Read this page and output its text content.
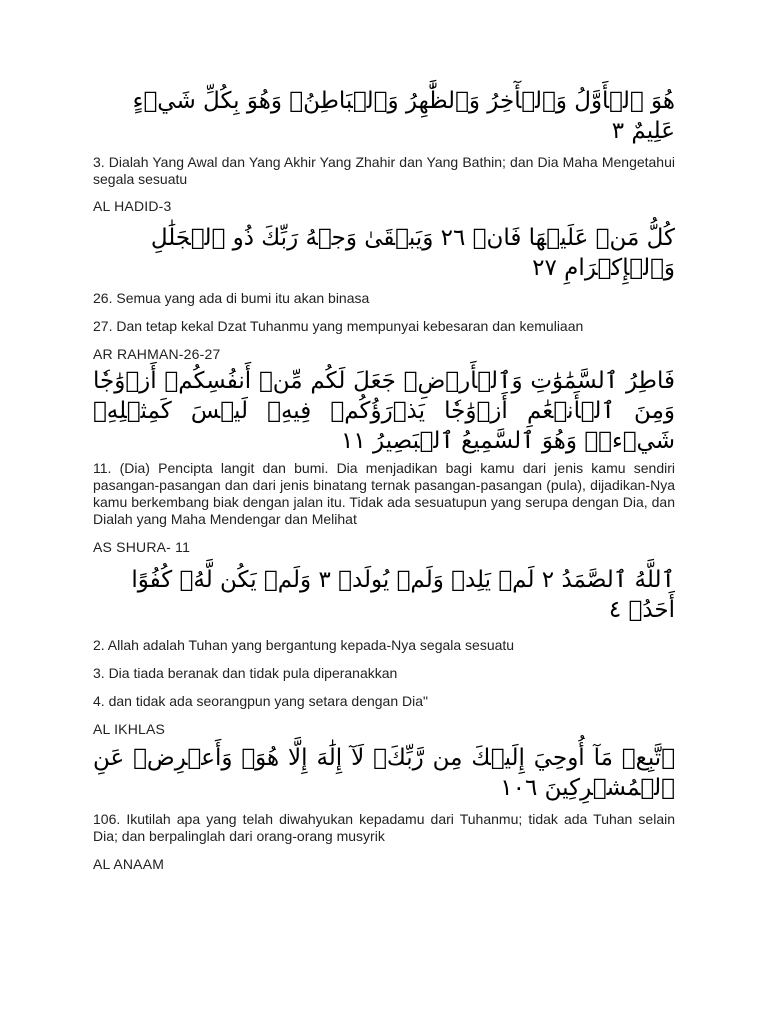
هُوَ ٱلۡأَوَّلُ وَٱلۡأٓخِرُ وَٱلظَّٰهِرُ وَٱلۡبَاطِنُۖ وَهُوَ بِكُلِّ شَيۡءٍ عَلِيمٌ ٣

3. Dialah Yang Awal dan Yang Akhir Yang Zhahir dan Yang Bathin; dan Dia Maha Mengetahui segala sesuatu

AL HADID-3

كُلُّ مَنۡ عَلَيۡهَا فَانٖ ٢٦ وَيَبۡقَىٰ وَجۡهُ رَبِّكَ ذُو ٱلۡجَلَٰلِ وَٱلۡإِكۡرَامِ ٢٧

26. Semua yang ada di bumi itu akan binasa

27. Dan tetap kekal Dzat Tuhanmu yang mempunyai kebesaran dan kemuliaan

AR RAHMAN-26-27

فَاطِرُ ٱلسَّمَٰوَٰتِ وَٱلۡأَرۡضِۚ جَعَلَ لَكُم مِّنۡ أَنفُسِكُمۡ أَزۡوَٰجٗا وَمِنَ ٱلۡأَنۡعَٰمِ أَزۡوَٰجٗا يَذۡرَؤُكُمۡ فِيهِۚ لَيۡسَ كَمِثۡلِهِۦ شَيۡءٞۖ وَهُوَ ٱلسَّمِيعُ ٱلۡبَصِيرُ ١١

11. (Dia) Pencipta langit dan bumi. Dia menjadikan bagi kamu dari jenis kamu sendiri pasangan-pasangan dan dari jenis binatang ternak pasangan-pasangan (pula), dijadikan-Nya kamu berkembang biak dengan jalan itu. Tidak ada sesuatupun yang serupa dengan Dia, dan Dialah yang Maha Mendengar dan Melihat

AS SHURA- 11

ٱللَّهُ ٱلصَّمَدُ ٢ لَمۡ يَلِدۡ وَلَمۡ يُولَدۡ ٣ وَلَمۡ يَكُن لَّهُۥ كُفُوًا أَحَدُۢ ٤

2. Allah adalah Tuhan yang bergantung kepada-Nya segala sesuatu

3. Dia tiada beranak dan tidak pula diperanakkan

4. dan tidak ada seorangpun yang setara dengan Dia"

AL IKHLAS

ٱتَّبِعۡ مَآ أُوحِيَ إِلَيۡكَ مِن رَّبِّكَۖ لَآ إِلَٰهَ إِلَّا هُوَۖ وَأَعۡرِضۡ عَنِ ٱلۡمُشۡرِكِينَ ١٠٦

106. Ikutilah apa yang telah diwahyukan kepadamu dari Tuhanmu; tidak ada Tuhan selain Dia; dan berpalinglah dari orang-orang musyrik

AL ANAAM
